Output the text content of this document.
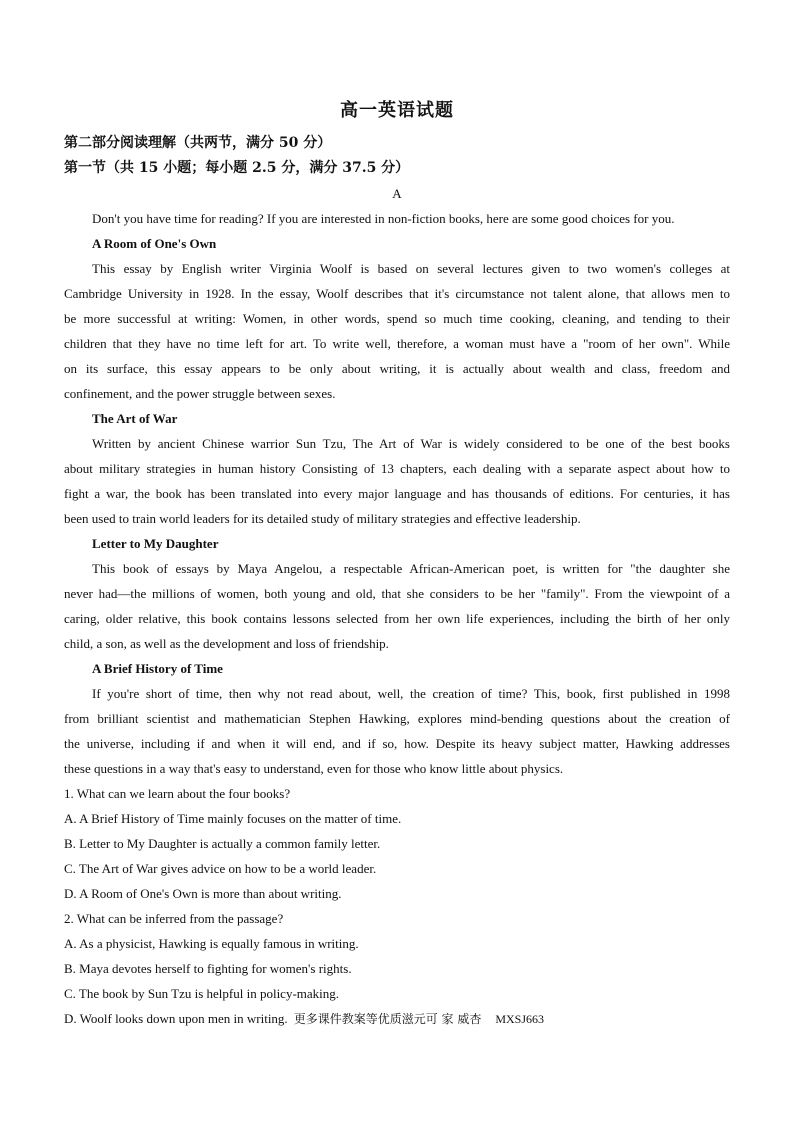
高一英语试题
第二部分阅读理解（共两节，满分 50 分）
第一节（共 15 小题；每小题 2.5 分，满分 37.5 分）
A
Don't you have time for reading? If you are interested in non-fiction books, here are some good choices for you.
A Room of One's Own
This essay by English writer Virginia Woolf is based on several lectures given to two women's colleges at
Cambridge University in 1928. In the essay, Woolf describes that it's circumstance not talent alone, that allows men to
be more successful at writing: Women, in other words, spend so much time cooking, cleaning, and tending to their
children that they have no time left for art. To write well, therefore, a woman must have a "room of her own". While
on its surface, this essay appears to be only about writing, it is actually about wealth and class, freedom and
confinement, and the power struggle between sexes.
The Art of War
Written by ancient Chinese warrior Sun Tzu, The Art of War is widely considered to be one of the best books
about military strategies in human history Consisting of 13 chapters, each dealing with a separate aspect about how to
fight a war, the book has been translated into every major language and has thousands of editions. For centuries, it has
been used to train world leaders for its detailed study of military strategies and effective leadership.
Letter to My Daughter
This book of essays by Maya Angelou, a respectable African-American poet, is written for "the daughter she
never had—the millions of women, both young and old, that she considers to be her "family". From the viewpoint of a
caring, older relative, this book contains lessons selected from her own life experiences, including the birth of her only
child, a son, as well as the development and loss of friendship.
A Brief History of Time
If you're short of time, then why not read about, well, the creation of time? This, book, first published in 1998
from brilliant scientist and mathematician Stephen Hawking, explores mind-bending questions about the creation of
the universe, including if and when it will end, and if so, how. Despite its heavy subject matter, Hawking addresses
these questions in a way that's easy to understand, even for those who know little about physics.
1. What can we learn about the four books?
A. A Brief History of Time mainly focuses on the matter of time.
B. Letter to My Daughter is actually a common family letter.
C. The Art of War gives advice on how to be a world leader.
D. A Room of One's Own is more than about writing.
2. What can be inferred from the passage?
A. As a physicist, Hawking is equally famous in writing.
B. Maya devotes herself to fighting for women's rights.
C. The book by Sun Tzu is helpful in policy-making.
D. Woolf looks down upon men in writing. 更多课件教案等优质滋元可 家 威杏 MXSJ663
